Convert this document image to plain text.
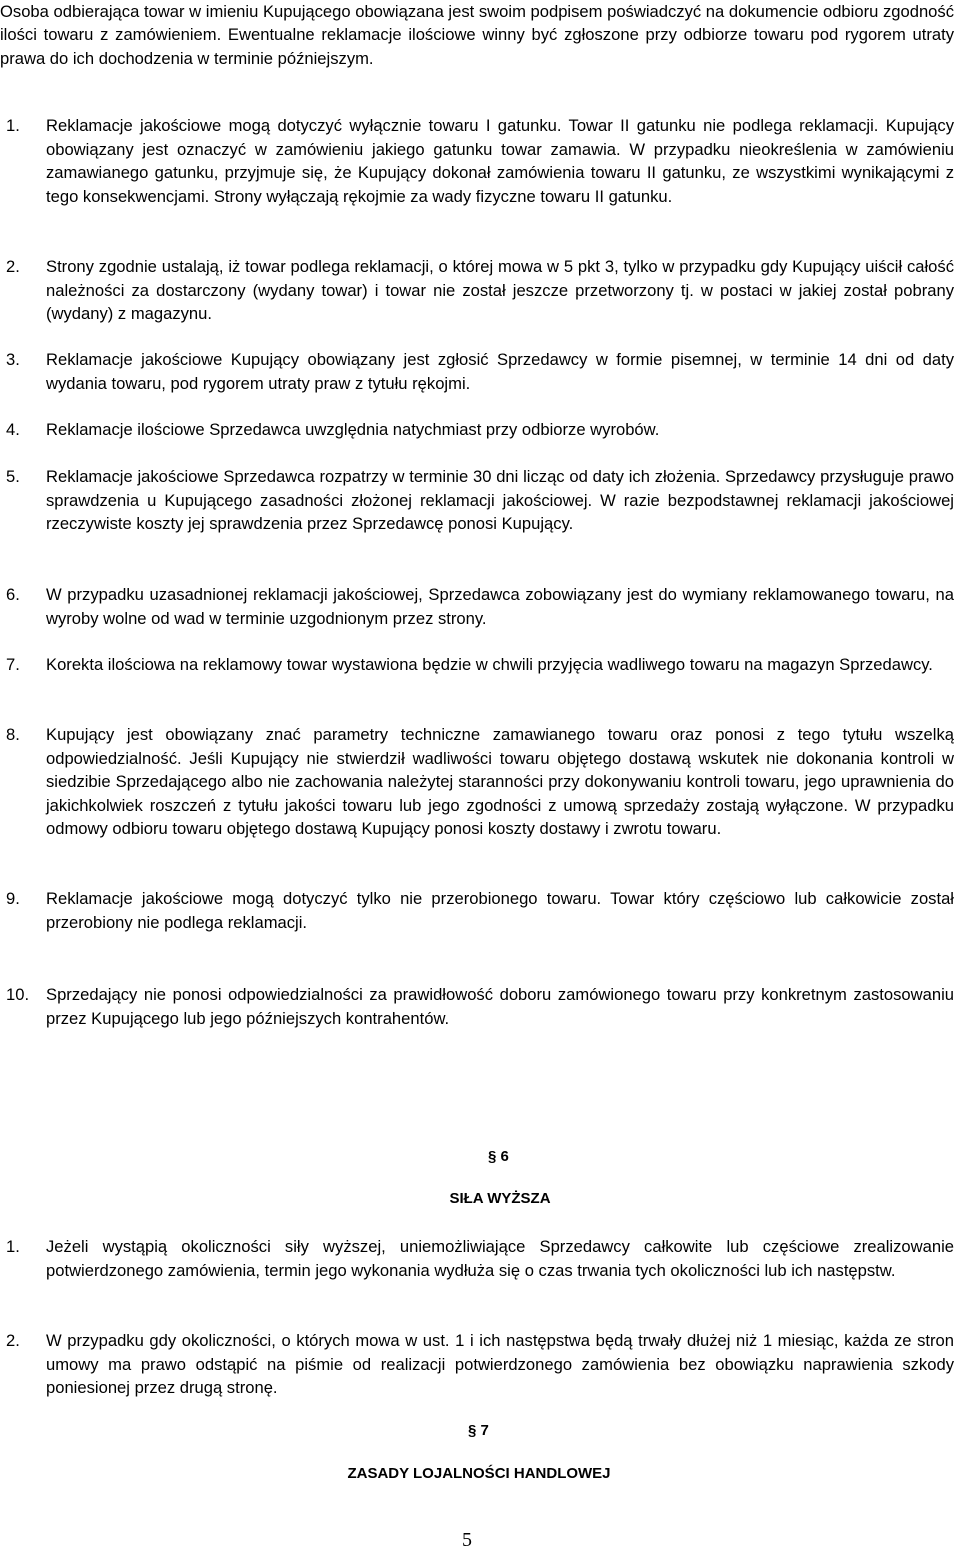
Osoba odbierająca towar w imieniu Kupującego obowiązana jest swoim podpisem poświadczyć na dokumencie odbioru zgodność ilości towaru z zamówieniem. Ewentualne reklamacje ilościowe winny być zgłoszone przy odbiorze towaru pod rygorem utraty prawa do ich dochodzenia w terminie późniejszym.

1. Reklamacje jakościowe mogą dotyczyć wyłącznie towaru I gatunku. Towar II gatunku nie podlega reklamacji. Kupujący obowiązany jest oznaczyć w zamówieniu jakiego gatunku towar zamawia. W przypadku nieokreślenia w zamówieniu zamawianego gatunku, przyjmuje się, że Kupujący dokonał zamówienia towaru II gatunku, ze wszystkimi wynikającymi z tego konsekwencjami. Strony wyłączają rękojmie za wady fizyczne towaru II gatunku.
2. Strony zgodnie ustalają, iż towar podlega reklamacji, o której mowa w 5 pkt 3, tylko w przypadku gdy Kupujący uiścił całość należności za dostarczony (wydany towar) i towar nie został jeszcze przetworzony tj. w postaci w jakiej został pobrany (wydany) z magazynu.
3. Reklamacje jakościowe Kupujący obowiązany jest zgłosić Sprzedawcy w formie pisemnej, w terminie 14 dni od daty wydania towaru, pod rygorem utraty praw z tytułu rękojmi.
4. Reklamacje ilościowe Sprzedawca uwzględnia natychmiast przy odbiorze wyrobów.
5. Reklamacje jakościowe Sprzedawca rozpatrzy w terminie 30 dni licząc od daty ich złożenia. Sprzedawcy przysługuje prawo sprawdzenia u Kupującego zasadności złożonej reklamacji jakościowej. W razie bezpodstawnej reklamacji jakościowej rzeczywiste koszty jej sprawdzenia przez Sprzedawcę ponosi Kupujący.
6. W przypadku uzasadnionej reklamacji jakościowej, Sprzedawca zobowiązany jest do wymiany reklamowanego towaru, na wyroby wolne od wad w terminie uzgodnionym przez strony.
7. Korekta ilościowa na reklamowy towar wystawiona będzie w chwili przyjęcia wadliwego towaru na magazyn Sprzedawcy.
8. Kupujący jest obowiązany znać parametry techniczne zamawianego towaru oraz ponosi z tego tytułu wszelką odpowiedzialność. Jeśli Kupujący nie stwierdził wadliwości towaru objętego dostawą wskutek nie dokonania kontroli w siedzibie Sprzedającego albo nie zachowania należytej staranności przy dokonywaniu kontroli towaru, jego uprawnienia do jakichkolwiek roszczeń z tytułu jakości towaru lub jego zgodności z umową sprzedaży zostają wyłączone. W przypadku odmowy odbioru towaru objętego dostawą Kupujący ponosi koszty dostawy i zwrotu towaru.
9. Reklamacje jakościowe mogą dotyczyć tylko nie przerobionego towaru. Towar który częściowo lub całkowicie został przerobiony nie podlega reklamacji.
10. Sprzedający nie ponosi odpowiedzialności za prawidłowość doboru zamówionego towaru przy konkretnym zastosowaniu przez Kupującego lub jego późniejszych kontrahentów.
§ 6
SIŁA WYŻSZA
1. Jeżeli wystąpią okoliczności siły wyższej, uniemożliwiające Sprzedawcy całkowite lub częściowe zrealizowanie potwierdzonego zamówienia, termin jego wykonania wydłuża się o czas trwania tych okoliczności lub ich następstw.
2. W przypadku gdy okoliczności, o których mowa w ust. 1 i ich następstwa będą trwały dłużej niż 1 miesiąc, każda ze stron umowy ma prawo odstąpić na piśmie od realizacji potwierdzonego zamówienia bez obowiązku naprawienia szkody poniesionej przez drugą stronę.
§ 7
ZASADY LOJALNOŚCI HANDLOWEJ
5
